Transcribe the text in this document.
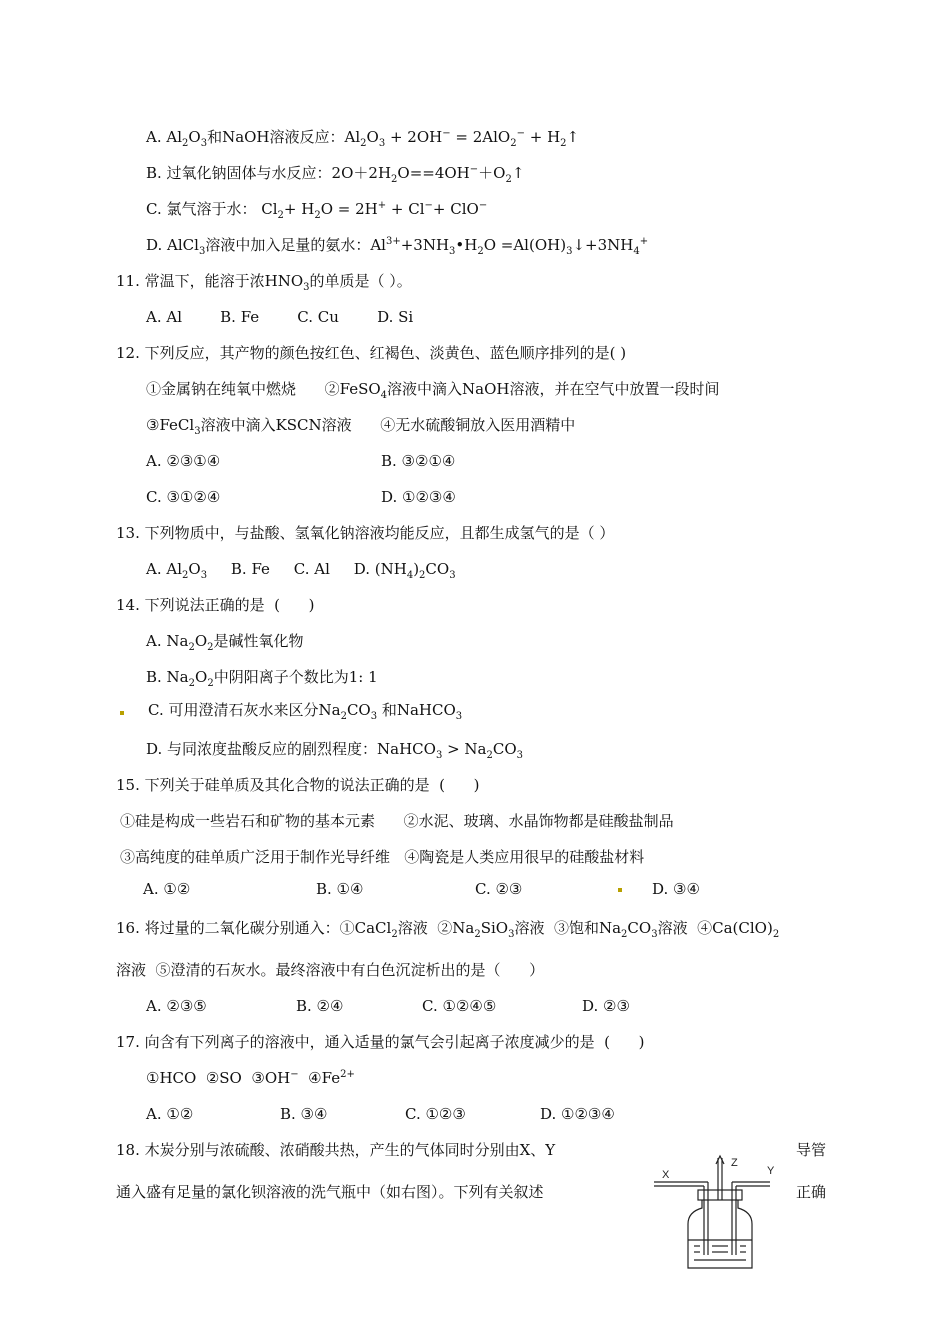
A. $Al_2O_3$和NaOH溶液反应：$Al_2O_3 + 2OH^- = 2AlO_2^-$ + $H_2↑$
B. 过氧化钠固体与水反应：$2O+2H_2O==4OH^-+O_2↑$
C. 氯气溶于水： $Cl_2+ H_2O = 2H^+ + Cl^-+ ClO^-$
D. AlCl$_3$溶液中加入足量的氨水：$Al^{3+}+3NH_3•H_2O$ $=Al(OH)_3↓+3NH_4^+$
11. 常温下，能溶于浓$HNO_3$的单质是（ ）。
A. Al        B. Fe        C. Cu        D. Si
12. 下列反应，其产物的颜色按红色、红褐色、淡黄色、蓝色顺序排列的是( )
①金属钠在纯氧中燃烧      ②FeSO$_4$溶液中滴入NaOH溶液，并在空气中放置一段时间
③FeCl$_3$溶液中滴入KSCN溶液      ④无水硫酸铜放入医用酒精中
A. ②③①④	B. ③②①④
C. ③①②④	D. ①②③④
13. 下列物质中，与盐酸、氢氧化钠溶液均能反应，且都生成氢气的是（ ）
A. $Al_2O_3$     B. Fe     C. Al     D. $(NH_4)_2CO_3$
14. 下列说法正确的是  (      )
A. $Na_2O_2$是碱性氧化物
B. $Na_2O_2$中阴阳离子个数比为1: 1
C. 可用澄清石灰水来区分$Na_2CO_3$ 和NaHCO$_3$
D. 与同浓度盐酸反应的剧烈程度：NaHCO$_3$ > $Na_2CO_3$
15. 下列关于硅单质及其化合物的说法正确的是  (      )
①硅是构成一些岩石和矿物的基本元素      ②水泥、玻璃、水晶饰物都是硅酸盐制品
③高纯度的硅单质广泛用于制作光导纤维   ④陶瓷是人类应用很早的硅酸盐材料
A. ①②	B. ①④	C. ②③	D. ③④
16. 将过量的二氧化碳分别通入：①CaCl$_2$溶液  $②Na_2SiO_3$溶液  ③饱和$Na_2CO_3$溶液  $④Ca(ClO)_2$
溶液  ⑤澄清的石灰水。最终溶液中有白色沉淀析出的是（      ）
A. ②③⑤	B. ②④	C. ①②④⑤	D. ②③
17. 向含有下列离子的溶液中，通入适量的氯气会引起离子浓度减少的是  (      )
①HCO  ②SO  ③OH−  $④Fe^{2+}$
A. ①②	B. ③④	C. ①②③	D. ①②③④
18. 木炭分别与浓硫酸、浓硝酸共热，产生的气体同时分别由X、Y	导管
通入盛有足量的氯化钡溶液的洗气瓶中（如右图）。下列有关叙述	正确
X
Z
Y
